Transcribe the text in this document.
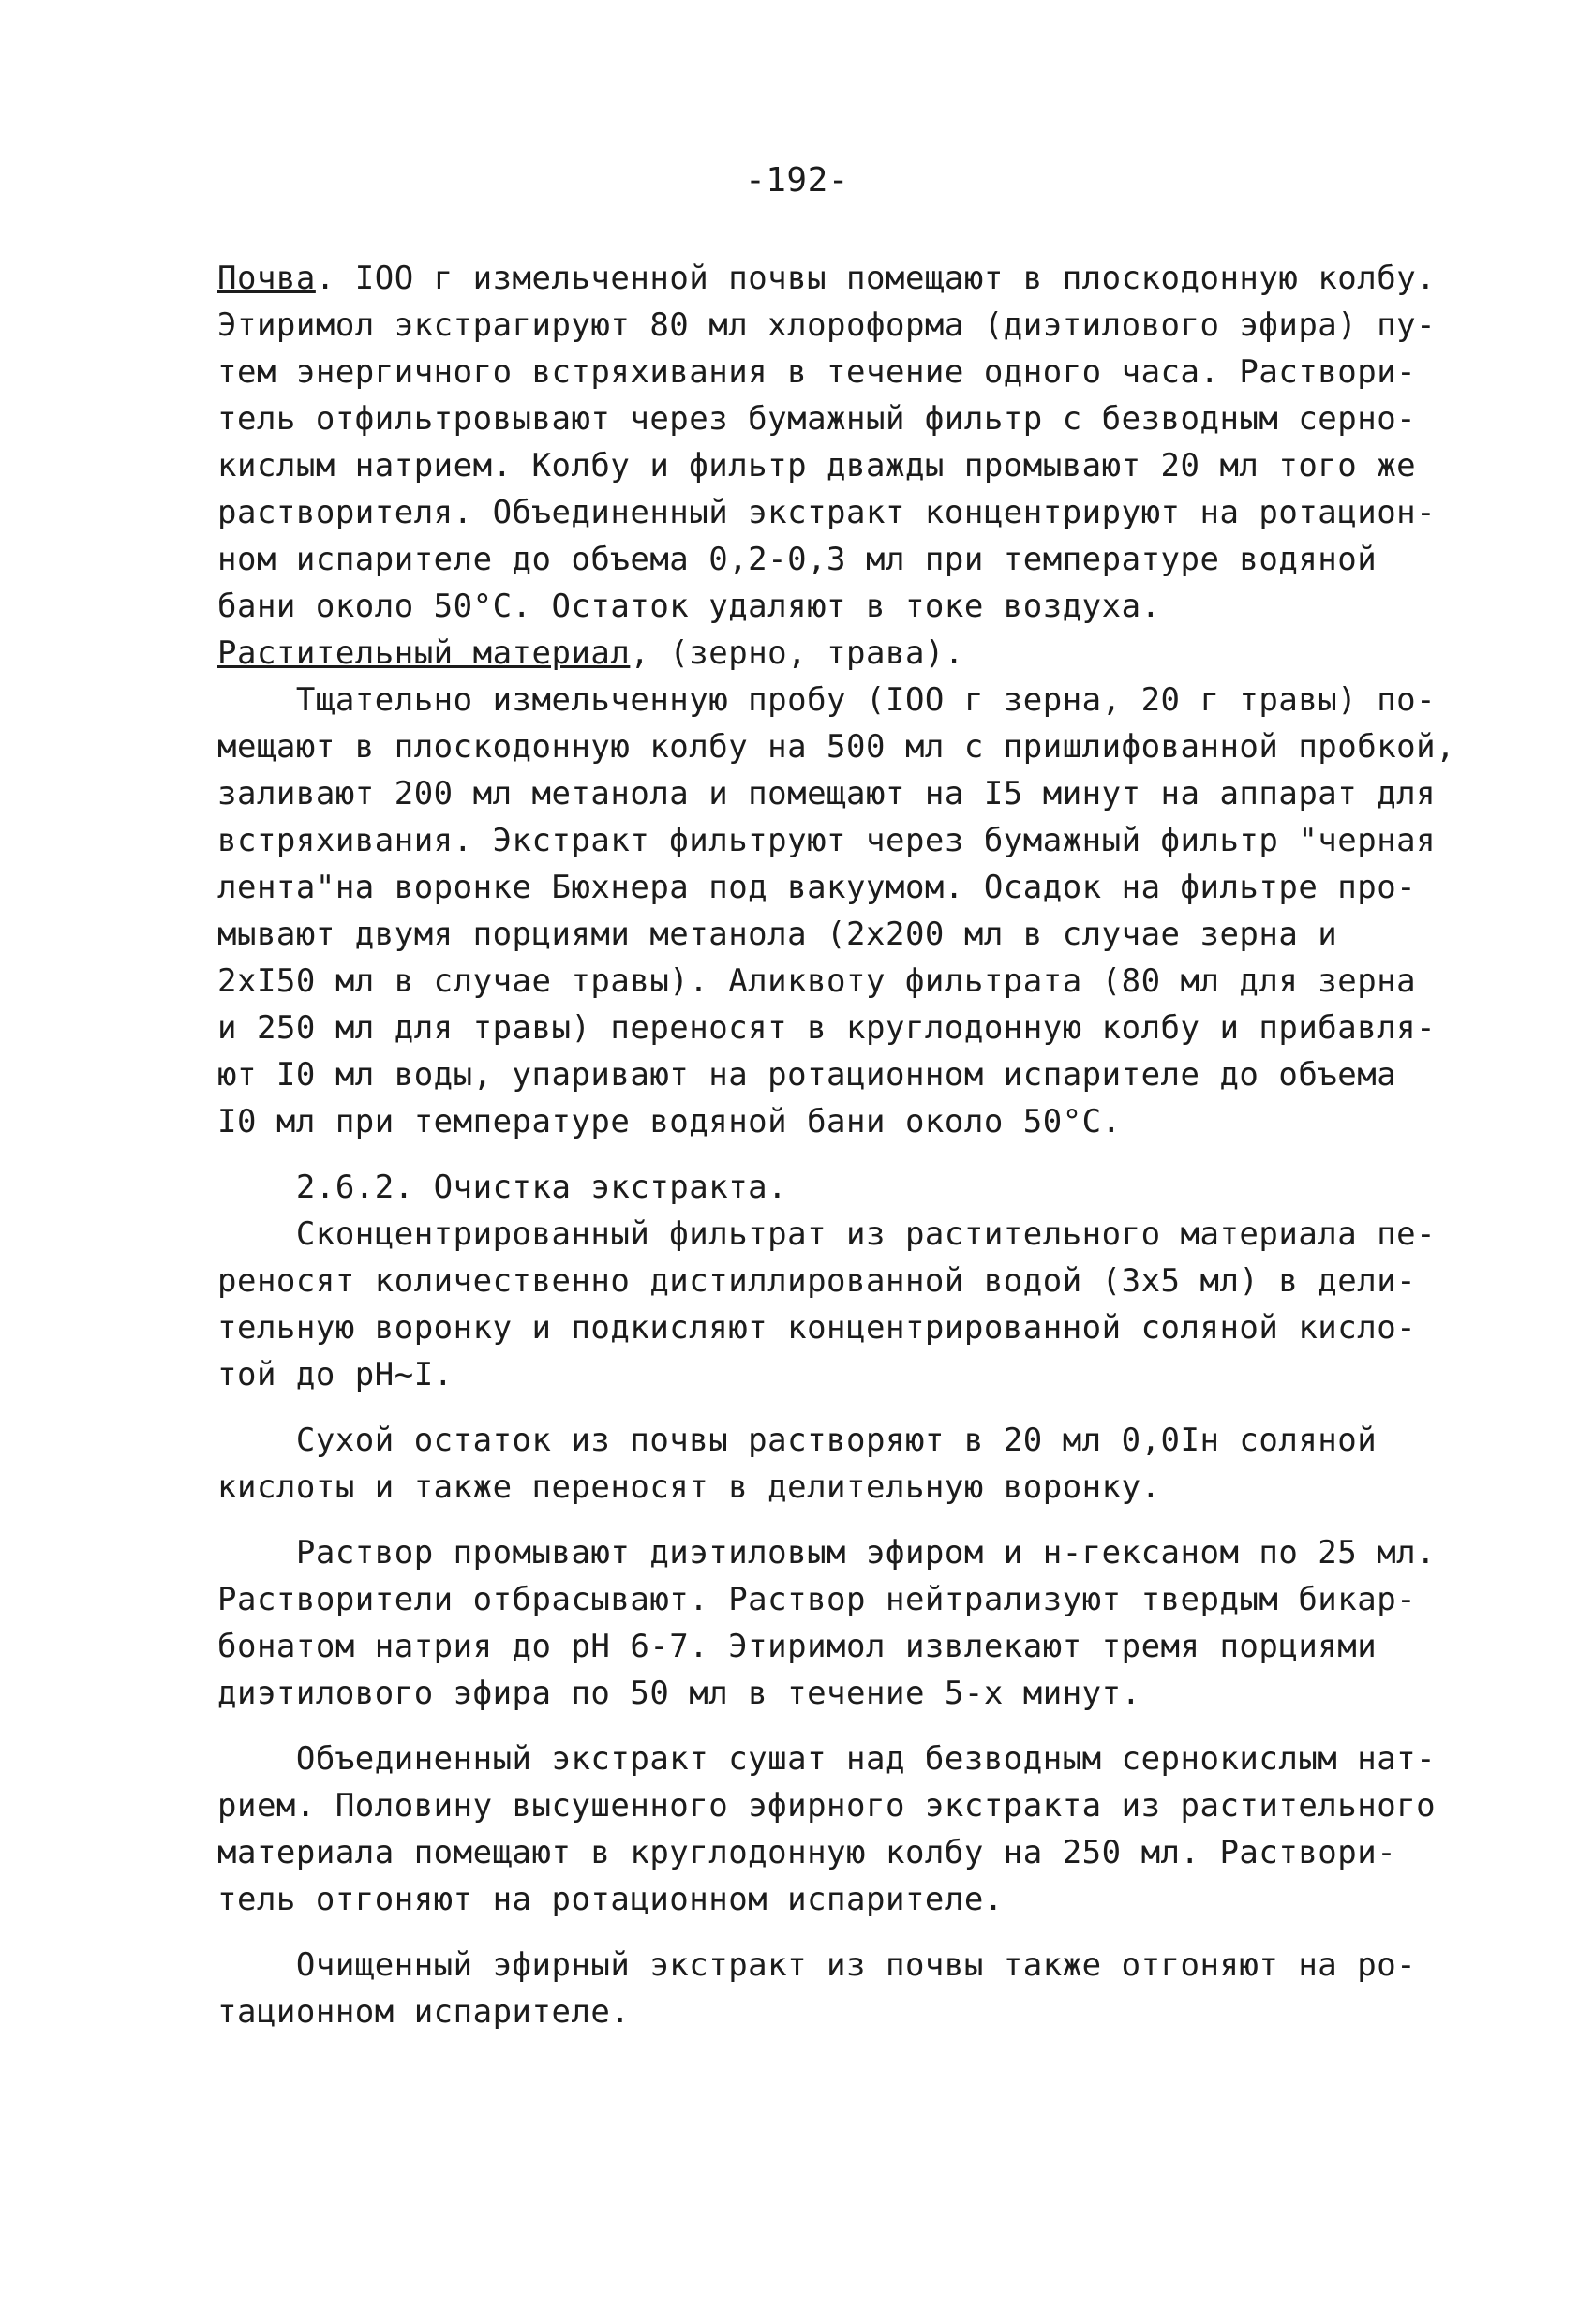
-192-
Почва. IOO г измельченной почвы помещают в плоскодонную колбу.
Этиримол экстрагируют 80 мл хлороформа (диэтилового эфира) пу-
тем энергичного встряхивания в течение одного часа. Раствори-
тель отфильтровывают через бумажный фильтр с безводным серно-
кислым натрием. Колбу и фильтр дважды промывают 20 мл того же
растворителя. Объединенный экстракт концентрируют на ротацион-
ном испарителе до объема 0,2-0,3 мл при температуре водяной
бани около 50°С. Остаток удаляют в токе воздуха.
Растительный материал, (зерно, трава).
Тщательно измельченную пробу (IOO г зерна, 20 г травы) по-
мещают в плоскодонную колбу на 500 мл с пришлифованной пробкой,
заливают 200 мл метанола и помещают на I5 минут на аппарат для
встряхивания. Экстракт фильтруют через бумажный фильтр "черная
лента"на воронке Бюхнера под вакуумом. Осадок на фильтре про-
мывают двумя порциями метанола (2х200 мл в случае зерна и
2хI50 мл в случае травы). Аликвоту фильтрата (80 мл для зерна
и 250 мл для травы) переносят в круглодонную колбу и прибавля-
ют I0 мл воды, упаривают на ротационном испарителе до объема
I0 мл при температуре водяной бани около 50°С.
2.6.2. Очистка экстракта.
Сконцентрированный фильтрат из растительного материала пе-
реносят количественно дистиллированной водой (3х5 мл) в дели-
тельную воронку и подкисляют концентрированной соляной кисло-
той до рН~I.
Сухой остаток из почвы растворяют в 20 мл 0,0Iн соляной
кислоты и также переносят в делительную воронку.
Раствор промывают диэтиловым эфиром и н-гексаном по 25 мл.
Растворители отбрасывают. Раствор нейтрализуют твердым бикар-
бонатом натрия до рН 6-7. Этиримол извлекают тремя порциями
диэтилового эфира по 50 мл в течение 5-х минут.
Объединенный экстракт сушат над безводным сернокислым нат-
рием. Половину высушенного эфирного экстракта из растительного
материала помещают в круглодонную колбу на 250 мл. Раствори-
тель отгоняют на ротационном испарителе.
Очищенный эфирный экстракт из почвы также отгоняют на ро-
тационном испарителе.
